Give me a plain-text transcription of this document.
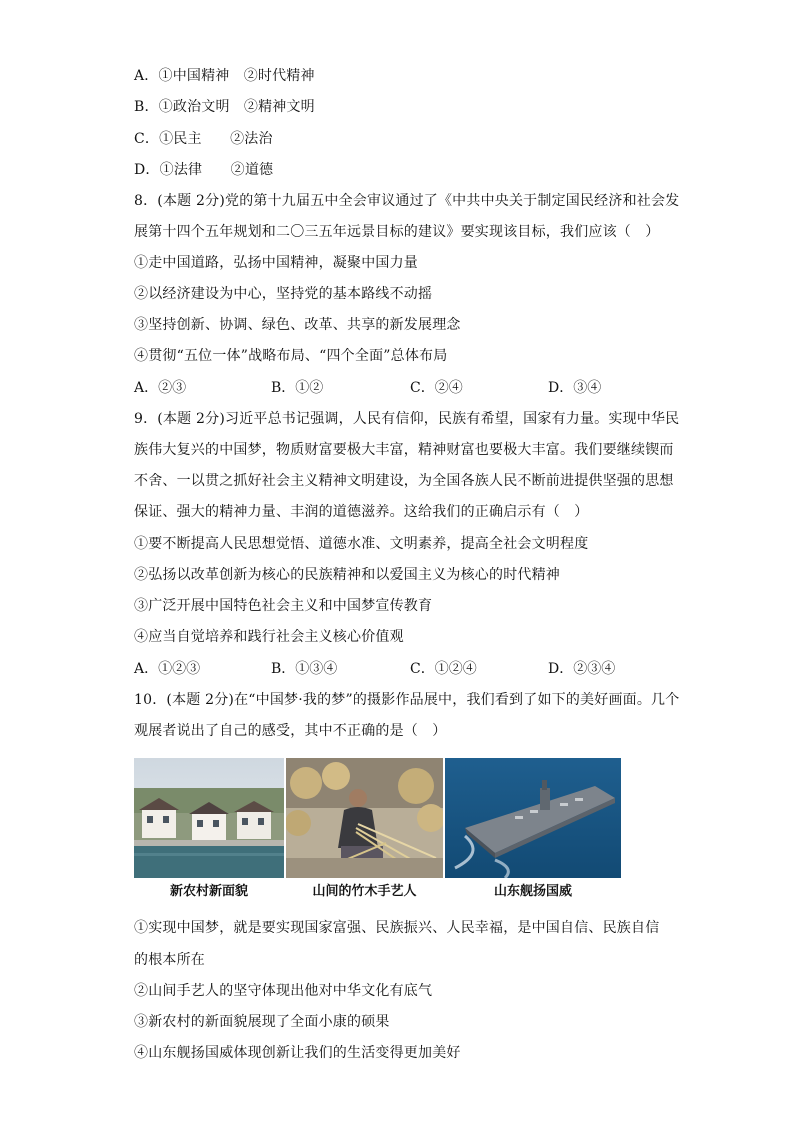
A．①中国精神　②时代精神
B．①政治文明　②精神文明
C．①民主　　②法治
D．①法律　　②道德
8．(本题 2分)党的第十九届五中全会审议通过了《中共中央关于制定国民经济和社会发
展第十四个五年规划和二〇三五年远景目标的建议》要实现该目标，我们应该（　）
①走中国道路，弘扬中国精神，凝聚中国力量
②以经济建设为中心，坚持党的基本路线不动摇
③坚持创新、协调、绿色、改革、共享的新发展理念
④贯彻“五位一体”战略布局、“四个全面”总体布局
A．②③	B．①②	C．②④	D．③④
9．(本题 2分)习近平总书记强调，人民有信仰，民族有希望，国家有力量。实现中华民
族伟大复兴的中国梦，物质财富要极大丰富，精神财富也要极大丰富。我们要继续锲而
不舍、一以贯之抓好社会主义精神文明建设，为全国各族人民不断前进提供坚强的思想
保证、强大的精神力量、丰润的道德滋养。这给我们的正确启示有（　）
①要不断提高人民思想觉悟、道德水准、文明素养，提高全社会文明程度
②弘扬以改革创新为核心的民族精神和以爱国主义为核心的时代精神
③广泛开展中国特色社会主义和中国梦宣传教育
④应当自觉培养和践行社会主义核心价值观
A．①②③	B．①③④	C．①②④	D．②③④
10．(本题 2分)在“中国梦·我的梦”的摄影作品展中，我们看到了如下的美好画面。几个
观展者说出了自己的感受，其中不正确的是（　）
新农村新面貌	山间的竹木手艺人	山东舰扬国威
①实现中国梦，就是要实现国家富强、民族振兴、人民幸福，是中国自信、民族自信
的根本所在
②山间手艺人的坚守体现出他对中华文化有底气
③新农村的新面貌展现了全面小康的硕果
④山东舰扬国威体现创新让我们的生活变得更加美好
